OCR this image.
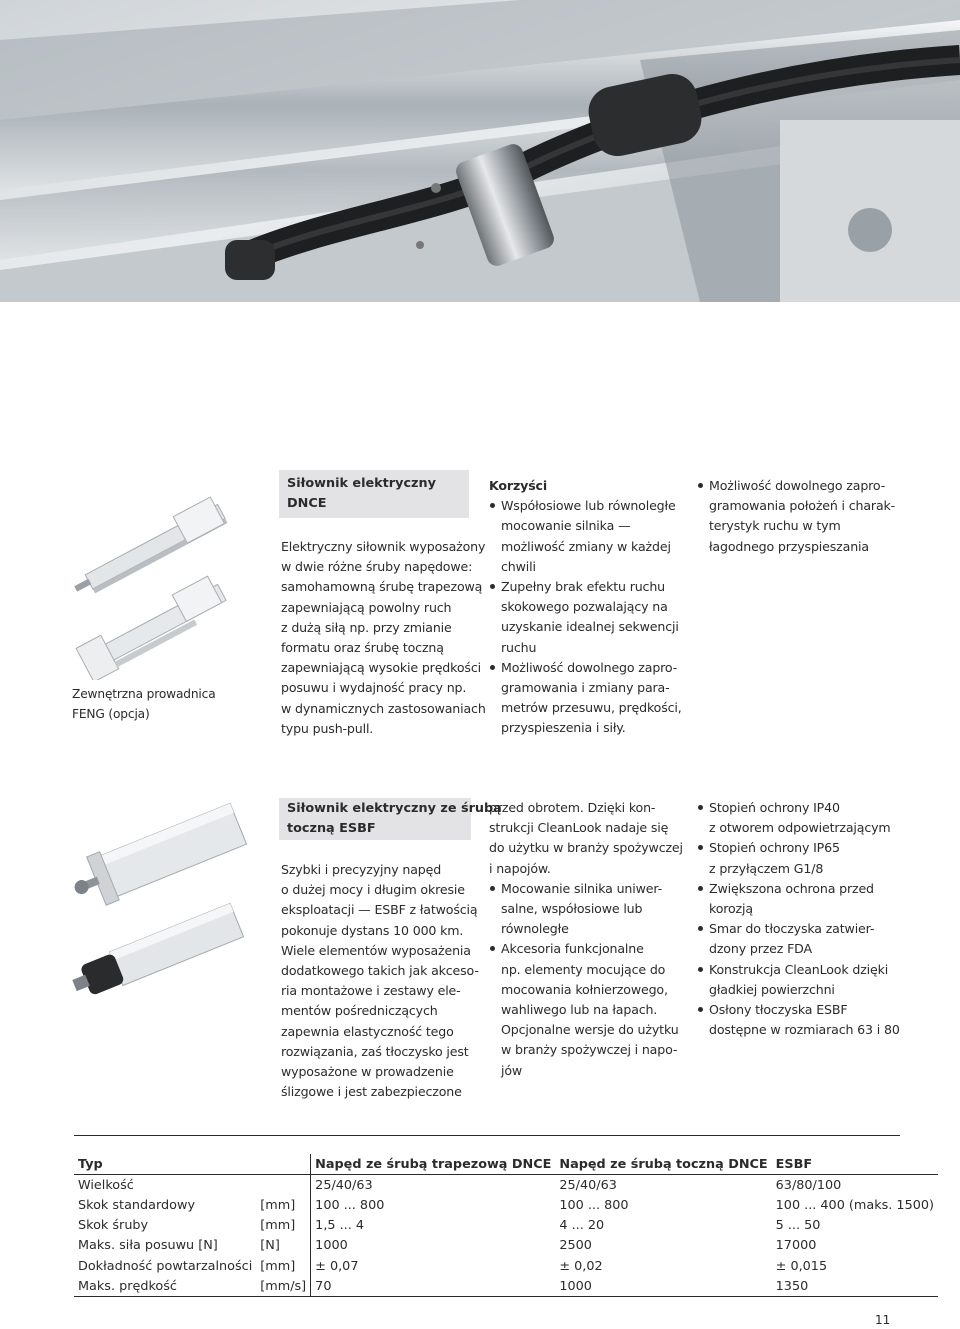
Zewnętrzna prowadnica
FENG (opcja)
Siłownik elektryczny DNCE
Elektryczny siłownik wyposażony
w dwie różne śruby napędowe:
samohamowną śrubę trapezową
zapewniającą powolny ruch
z dużą siłą np. przy zmianie
formatu oraz śrubę toczną
zapewniającą wysokie prędkości
posuwu i wydajność pracy np.
w dynamicznych zastosowaniach
typu push-pull.
Korzyści
Współosiowe lub równoległe
mocowanie silnika —
możliwość zmiany w każdej
chwili
Zupełny brak efektu ruchu
skokowego pozwalający na
uzyskanie idealnej sekwencji
ruchu
Możliwość dowolnego zapro-
gramowania i zmiany para-
metrów przesuwu, prędkości,
przyspieszenia i siły.
Możliwość dowolnego zapro-
gramowania położeń i charak-
terystyk ruchu w tym
łagodnego przyspieszania
Siłownik elektryczny ze śrubą
toczną ESBF
Szybki i precyzyjny napęd
o dużej mocy i długim okresie
eksploatacji — ESBF z łatwością
pokonuje dystans 10 000 km.
Wiele elementów wyposażenia
dodatkowego takich jak akceso-
ria montażowe i zestawy ele-
mentów pośredniczących
zapewnia elastyczność tego
rozwiązania, zaś tłoczysko jest
wyposażone w prowadzenie
ślizgowe i jest zabezpieczone
przed obrotem. Dzięki kon-
strukcji CleanLook nadaje się
do użytku w branży spożywczej
i napojów.
Mocowanie silnika uniwer-
salne, współosiowe lub
równoległe
Akcesoria funkcjonalne
np. elementy mocujące do
mocowania kołnierzowego,
wahliwego lub na łapach.
Opcjonalne wersje do użytku
w branży spożywczej i napo-
jów
Stopień ochrony IP40
z otworem odpowietrzającym
Stopień ochrony IP65
z przyłączem G1/8
Zwiększona ochrona przed
korozją
Smar do tłoczyska zatwier-
dzony przez FDA
Konstrukcja CleanLook dzięki
gładkiej powierzchni
Osłony tłoczyska ESBF
dostępne w rozmiarach 63 i 80
Typ		Napęd ze śrubą trapezową DNCE	Napęd ze śrubą toczną DNCE	ESBF
Wielkość		25/40/63	25/40/63	63/80/100
Skok standardowy	[mm]	100 ... 800	100 ... 800	100 ... 400 (maks. 1500)
Skok śruby	[mm]	1,5 ... 4	4 ... 20	5 ... 50
Maks. siła posuwu [N]	[N]	1000	2500	17000
Dokładność powtarzalności	[mm]	± 0,07	± 0,02	± 0,015
Maks. prędkość	[mm/s]	70	1000	1350
11
